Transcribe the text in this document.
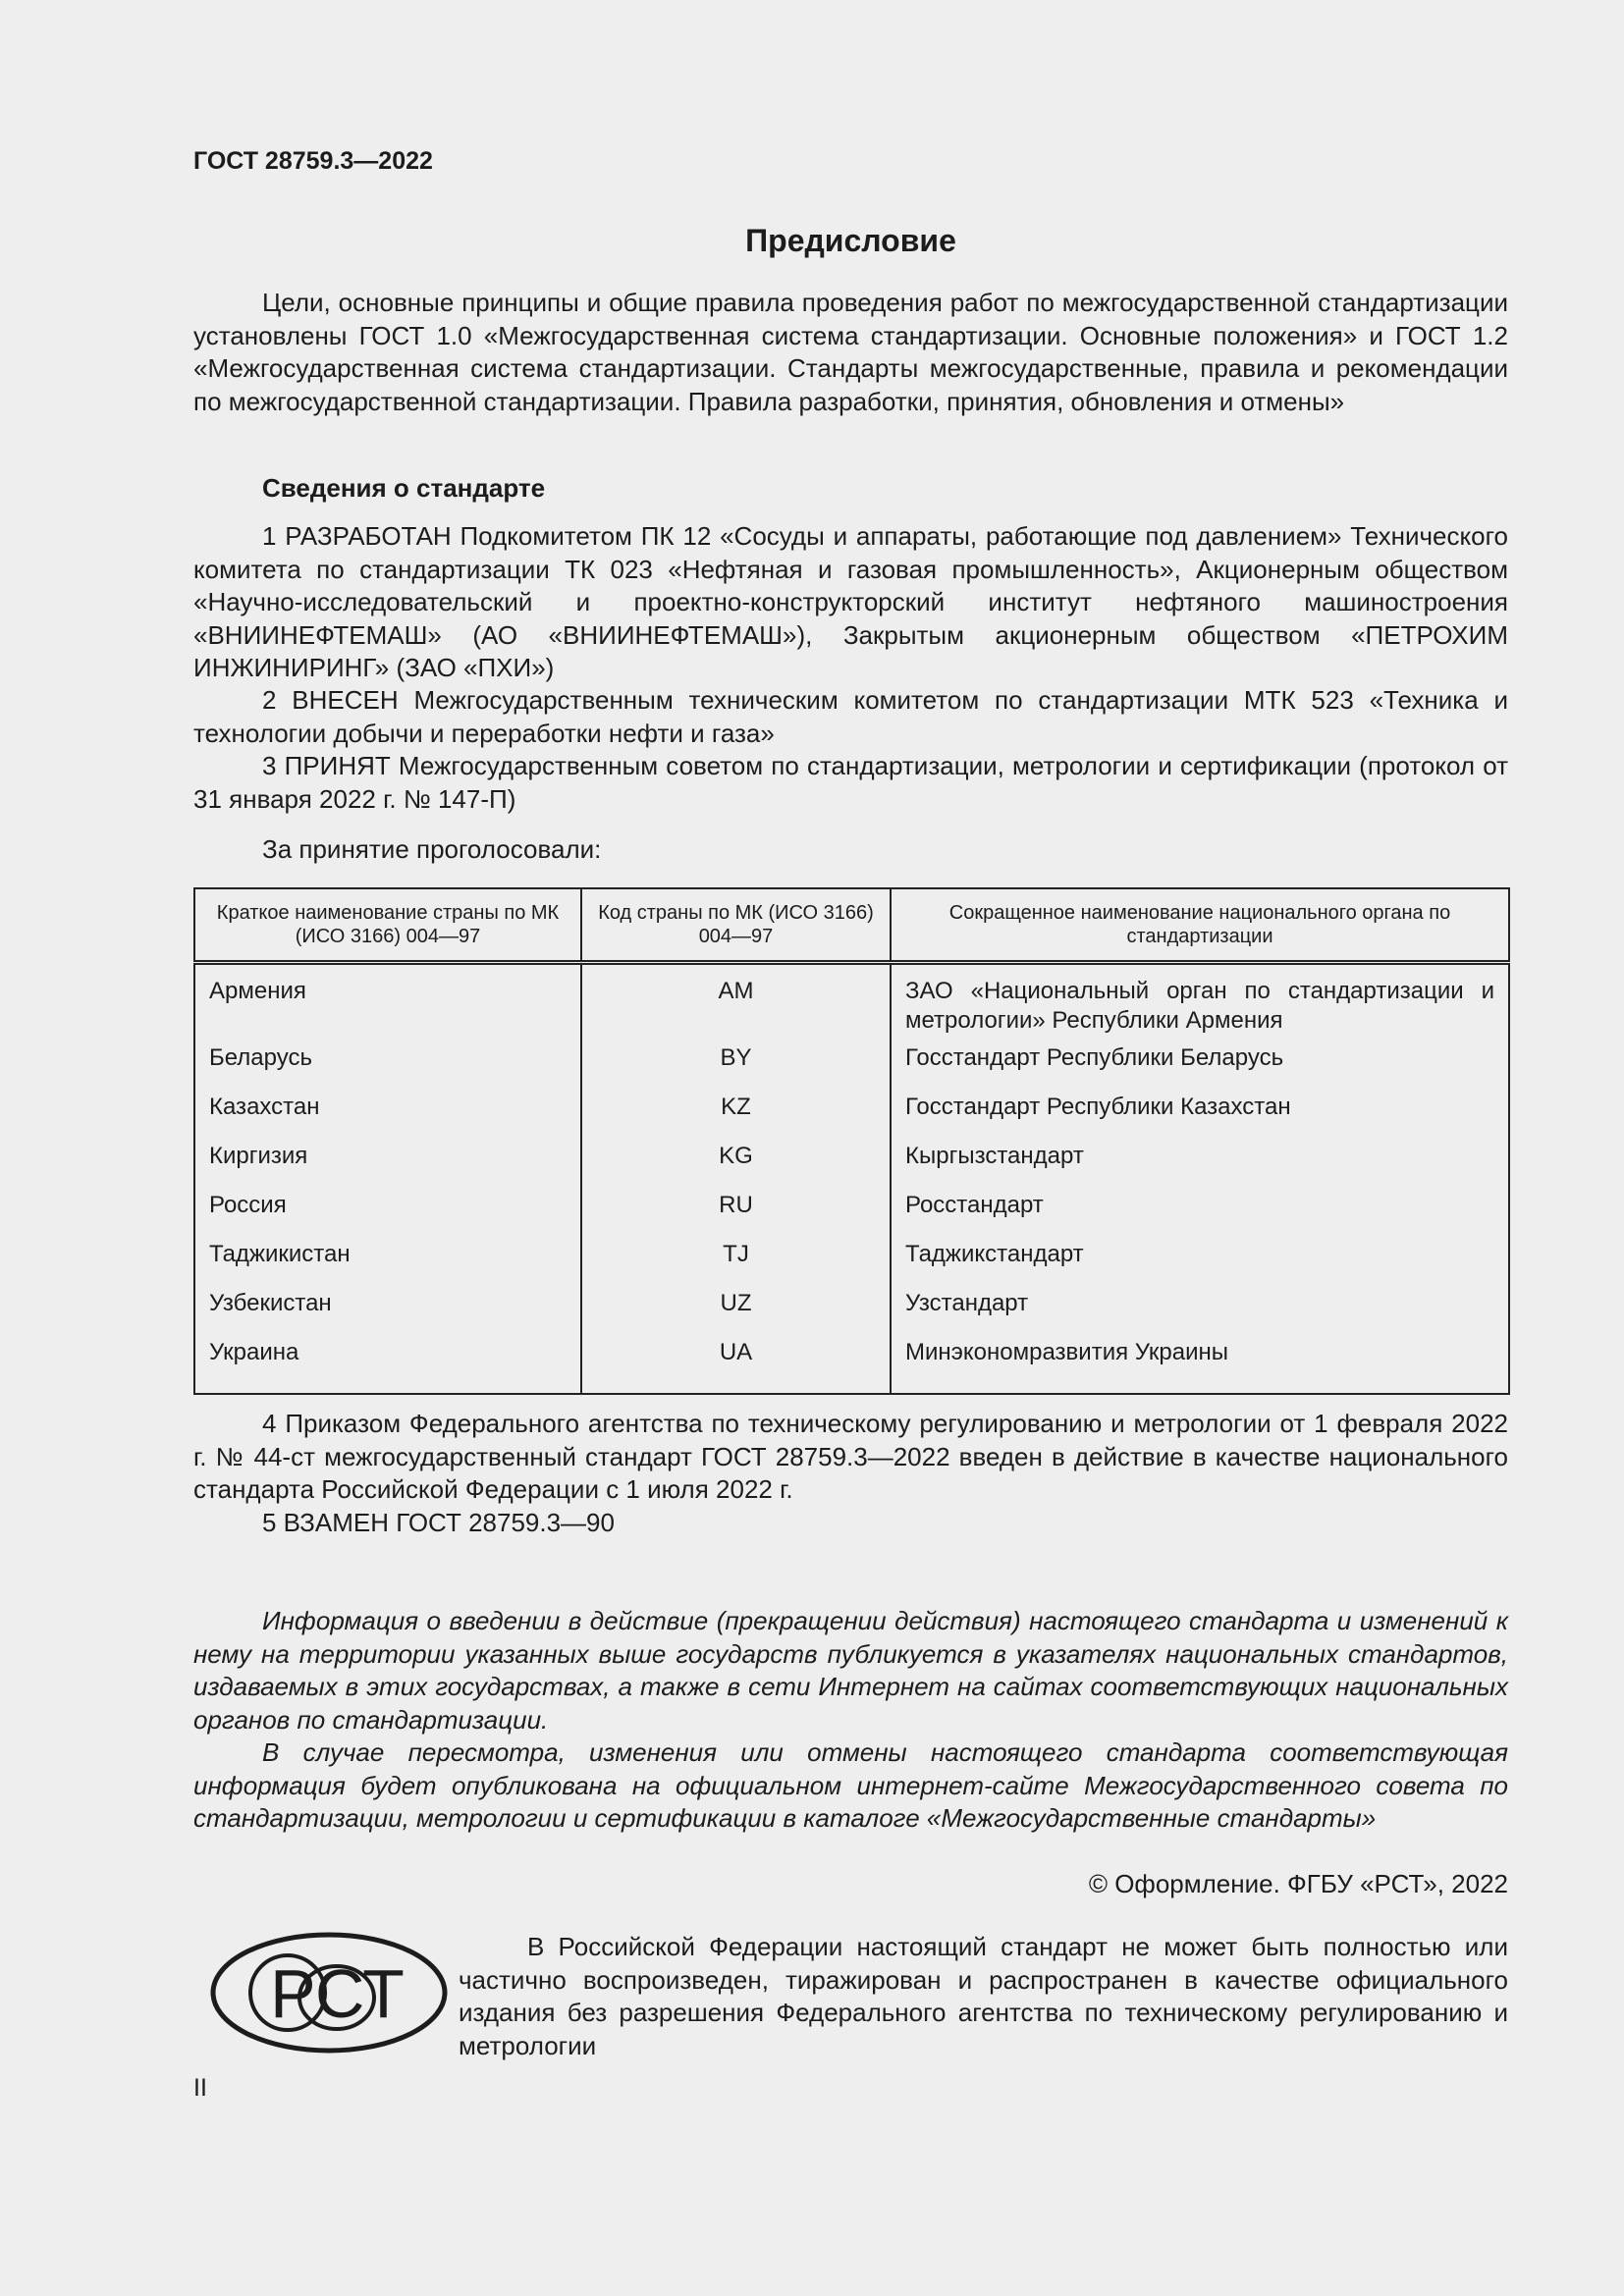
ГОСТ 28759.3—2022
Предисловие

Цели, основные принципы и общие правила проведения работ по межгосударственной стандартизации установлены ГОСТ 1.0 «Межгосударственная система стандартизации. Основные положения» и ГОСТ 1.2 «Межгосударственная система стандартизации. Стандарты межгосударственные, правила и рекомендации по межгосударственной стандартизации. Правила разработки, принятия, обновления и отмены»

Сведения о стандарте

1 РАЗРАБОТАН Подкомитетом ПК 12 «Сосуды и аппараты, работающие под давлением» Технического комитета по стандартизации ТК 023 «Нефтяная и газовая промышленность», Акционерным обществом «Научно-исследовательский и проектно-конструкторский институт нефтяного машиностроения «ВНИИНЕФТЕМАШ» (АО «ВНИИНЕФТЕМАШ»), Закрытым акционерным обществом «ПЕТРОХИМ ИНЖИНИРИНГ» (ЗАО «ПХИ»)

2 ВНЕСЕН Межгосударственным техническим комитетом по стандартизации МТК 523 «Техника и технологии добычи и переработки нефти и газа»

3 ПРИНЯТ Межгосударственным советом по стандартизации, метрологии и сертификации (протокол от 31 января 2022 г. № 147-П)

За принятие проголосовали:
Краткое наименование страны по МК (ИСО 3166) 004—97	Код страны по МК (ИСО 3166) 004—97	Сокращенное наименование национального органа по стандартизации
Армения	AM	ЗАО «Национальный орган по стандартизации и метрологии» Республики Армения
Беларусь	BY	Госстандарт Республики Беларусь
Казахстан	KZ	Госстандарт Республики Казахстан
Киргизия	KG	Кыргызстандарт
Россия	RU	Росстандарт
Таджикистан	TJ	Таджикстандарт
Узбекистан	UZ	Узстандарт
Украина	UA	Минэкономразвития Украины

4 Приказом Федерального агентства по техническому регулированию и метрологии от 1 февраля 2022 г. № 44-ст межгосударственный стандарт ГОСТ 28759.3—2022 введен в действие в качестве национального стандарта Российской Федерации с 1 июля 2022 г.

5 ВЗАМЕН ГОСТ 28759.3—90

Информация о введении в действие (прекращении действия) настоящего стандарта и изменений к нему на территории указанных выше государств публикуется в указателях национальных стандартов, издаваемых в этих государствах, а также в сети Интернет на сайтах соответствующих национальных органов по стандартизации.

В случае пересмотра, изменения или отмены настоящего стандарта соответствующая информация будет опубликована на официальном интернет-сайте Межгосударственного совета по стандартизации, метрологии и сертификации в каталоге «Межгосударственные стандарты»

© Оформление. ФГБУ «РСТ», 2022
РСТ

В Российской Федерации настоящий стандарт не может быть полностью или частично воспроизведен, тиражирован и распространен в качестве официального издания без разрешения Федерального агентства по техническому регулированию и метрологии

II
